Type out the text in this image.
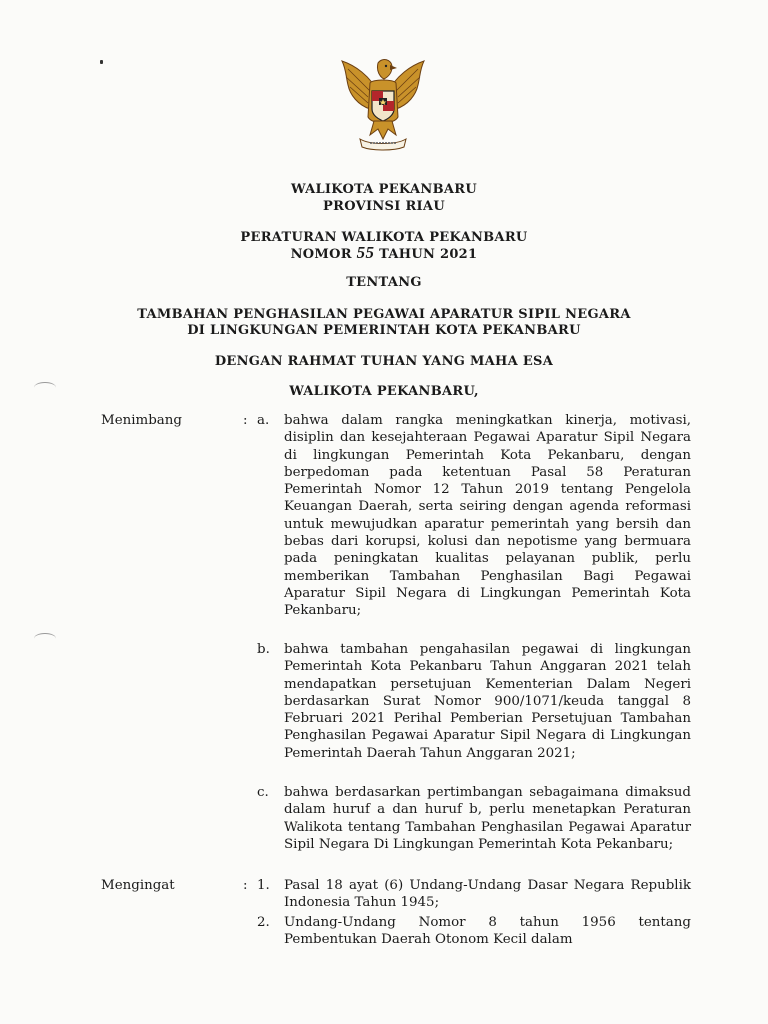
WALIKOTA PEKANBARU
PROVINSI RIAU
PERATURAN WALIKOTA PEKANBARU
NOMOR 55 TAHUN 2021
TENTANG
TAMBAHAN PENGHASILAN PEGAWAI APARATUR SIPIL NEGARA
DI LINGKUNGAN PEMERINTAH KOTA PEKANBARU
DENGAN RAHMAT TUHAN YANG MAHA ESA
WALIKOTA PEKANBARU,
Menimbang	: a. bahwa dalam rangka meningkatkan kinerja, motivasi, disiplin dan kesejahteraan Pegawai Aparatur Sipil Negara di lingkungan Pemerintah Kota Pekanbaru, dengan berpedoman pada ketentuan Pasal 58 Peraturan Pemerintah Nomor 12 Tahun 2019 tentang Pengelola Keuangan Daerah, serta seiring dengan agenda reformasi untuk mewujudkan aparatur pemerintah yang bersih dan bebas dari korupsi, kolusi dan nepotisme yang bermuara pada peningkatan kualitas pelayanan publik, perlu memberikan Tambahan Penghasilan Bagi Pegawai Aparatur Sipil Negara di Lingkungan Pemerintah Kota Pekanbaru;
b. bahwa tambahan pengahasilan pegawai di lingkungan Pemerintah Kota Pekanbaru Tahun Anggaran 2021 telah mendapatkan persetujuan Kementerian Dalam Negeri berdasarkan Surat Nomor 900/1071/keuda tanggal 8 Februari 2021 Perihal Pemberian Persetujuan Tambahan Penghasilan Pegawai Aparatur Sipil Negara di Lingkungan Pemerintah Daerah Tahun Anggaran 2021;
c. bahwa berdasarkan pertimbangan sebagaimana dimaksud dalam huruf a dan huruf b, perlu menetapkan Peraturan Walikota tentang Tambahan Penghasilan Pegawai Aparatur Sipil Negara Di Lingkungan Pemerintah Kota Pekanbaru;
Mengingat	: 1. Pasal 18 ayat (6) Undang-Undang Dasar Negara Republik Indonesia Tahun 1945;
2. Undang-Undang Nomor 8 tahun 1956 tentang Pembentukan Daerah Otonom Kecil dalam
